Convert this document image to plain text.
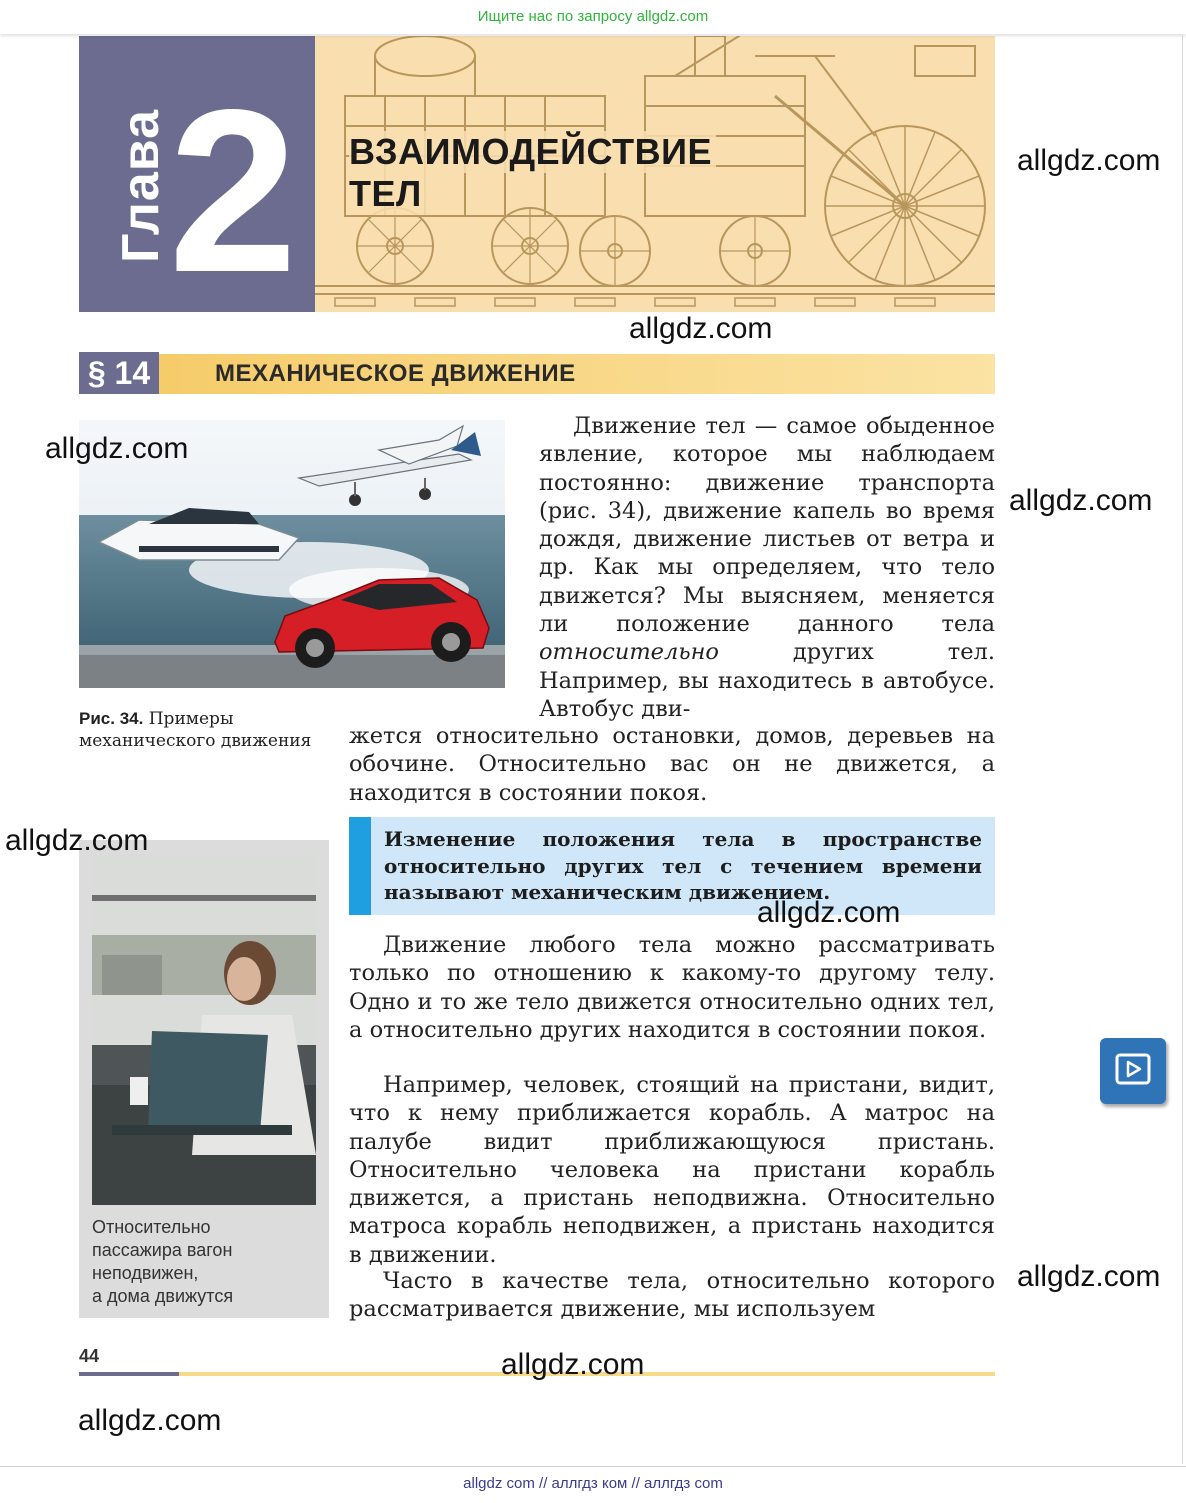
Ищите нас по запросу allgdz.com
Глава
2 ВЗАИМОДЕЙСТВИЕ
ТЕЛ
§ 14	МЕХАНИЧЕСКОЕ ДВИЖЕНИЕ
Рис. 34. Примеры механического движения

Движение тел — самое обыденное явление, которое мы наблюдаем постоянно: движение транспорта (рис. 34), движение капель во время дождя, движение листьев от ветра и др. Как мы определяем, что тело движется? Мы выясняем, меняется ли положение данного тела относительно других тел. Например, вы находитесь в автобусе. Автобус дви-

жется относительно остановки, домов, деревьев на обочине. Относительно вас он не движется, а находится в состоянии покоя.

Изменение положения тела в пространстве относительно других тел с течением времени называют механическим движением.

Относительно
пассажира вагон
неподвижен,
а дома движутся

Движение любого тела можно рассматривать только по отношению к какому-то другому телу. Одно и то же тело движется относительно одних тел, а относительно других находится в состоянии покоя.

Например, человек, стоящий на пристани, видит, что к нему приближается корабль. А матрос на палубе видит приближающуюся пристань. Относительно человека на пристани корабль движется, а пристань неподвижна. Относительно матроса корабль неподвижен, а пристань находится в движении.

Часто в качестве тела, относительно которого рассматривается движение, мы используем

44
allgdz.com
allgdz.com
allgdz.com
allgdz.com
allgdz.com
allgdz.com
allgdz.com
allgdz.com
allgdz.com
allgdz com // аллгдз ком // аллгдз com
